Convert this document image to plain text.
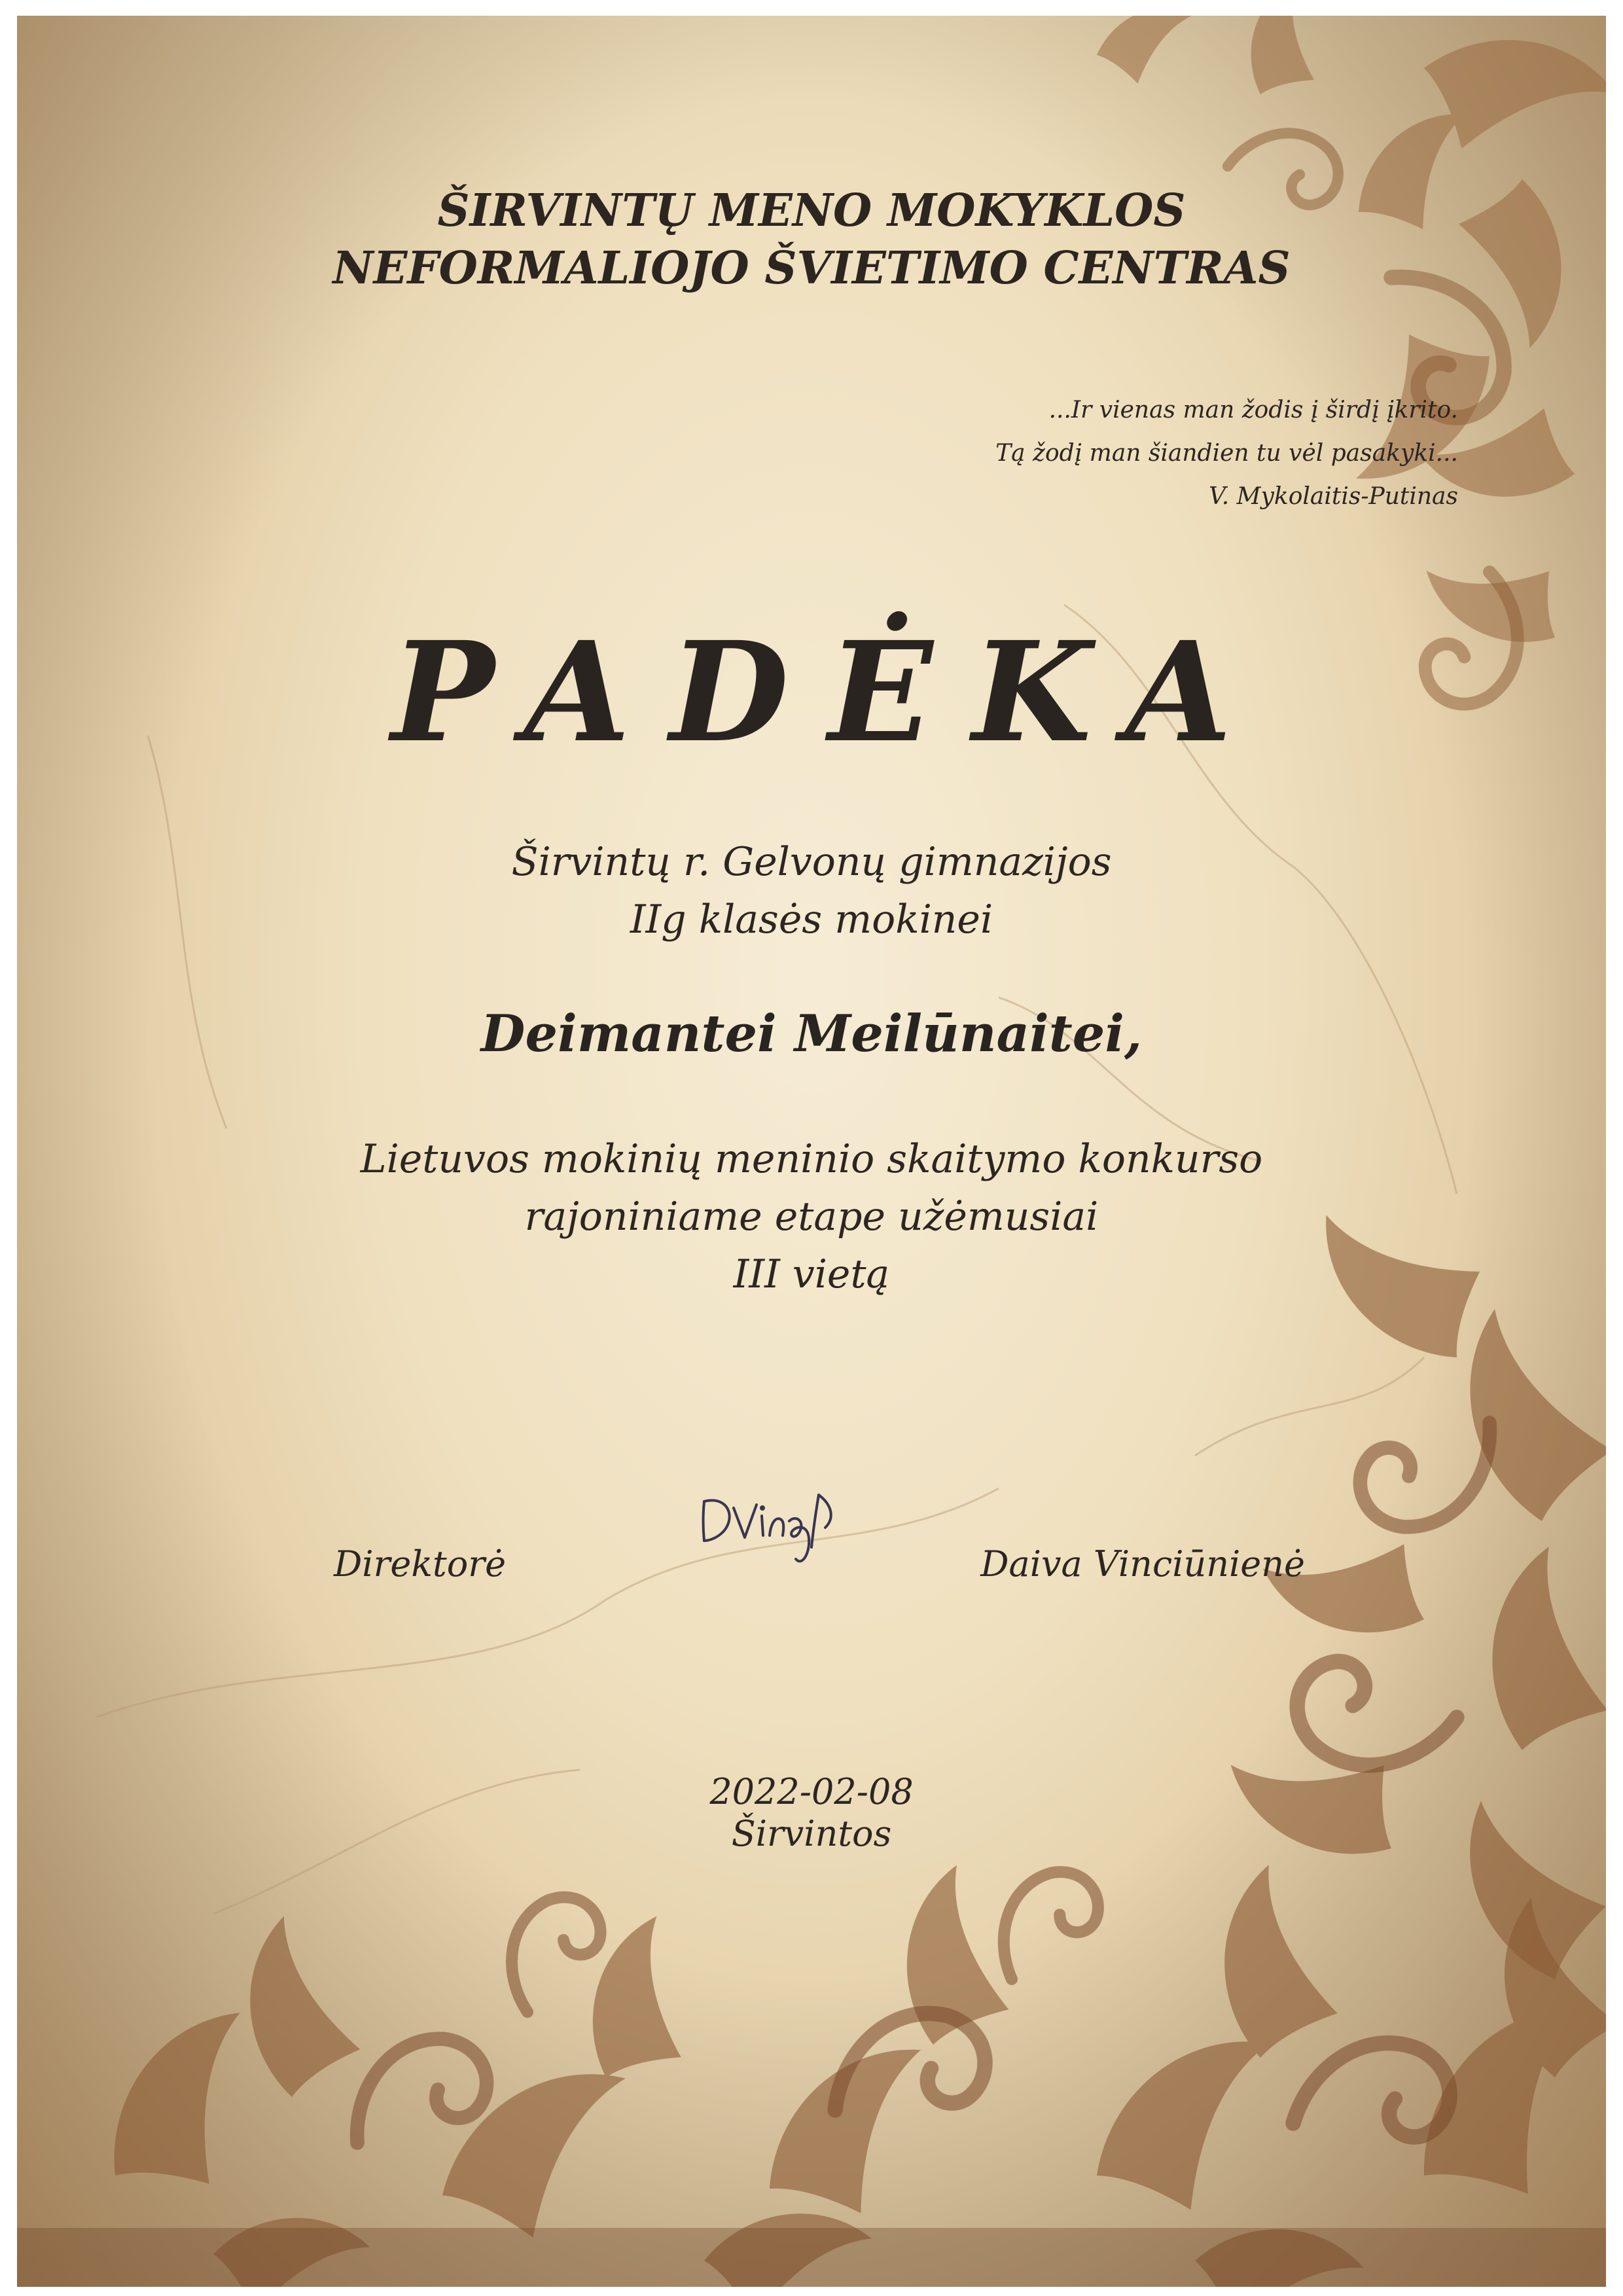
ŠIRVINTŲ MENO MOKYKLOS
NEFORMALIOJO ŠVIETIMO CENTRAS
...Ir vienas man žodis į širdį įkrito.
Tą žodį man šiandien tu vėl pasakyki...
V. Mykolaitis-Putinas
PADĖKA
Širvintų r. Gelvonų gimnazijos
IIg klasės mokinei
Deimantei Meilūnaitei,
Lietuvos mokinių meninio skaitymo konkurso
rajoniniame etape užėmusiai
III vietą
Direktorė	Daiva Vinciūnienė
2022-02-08
Širvintos
